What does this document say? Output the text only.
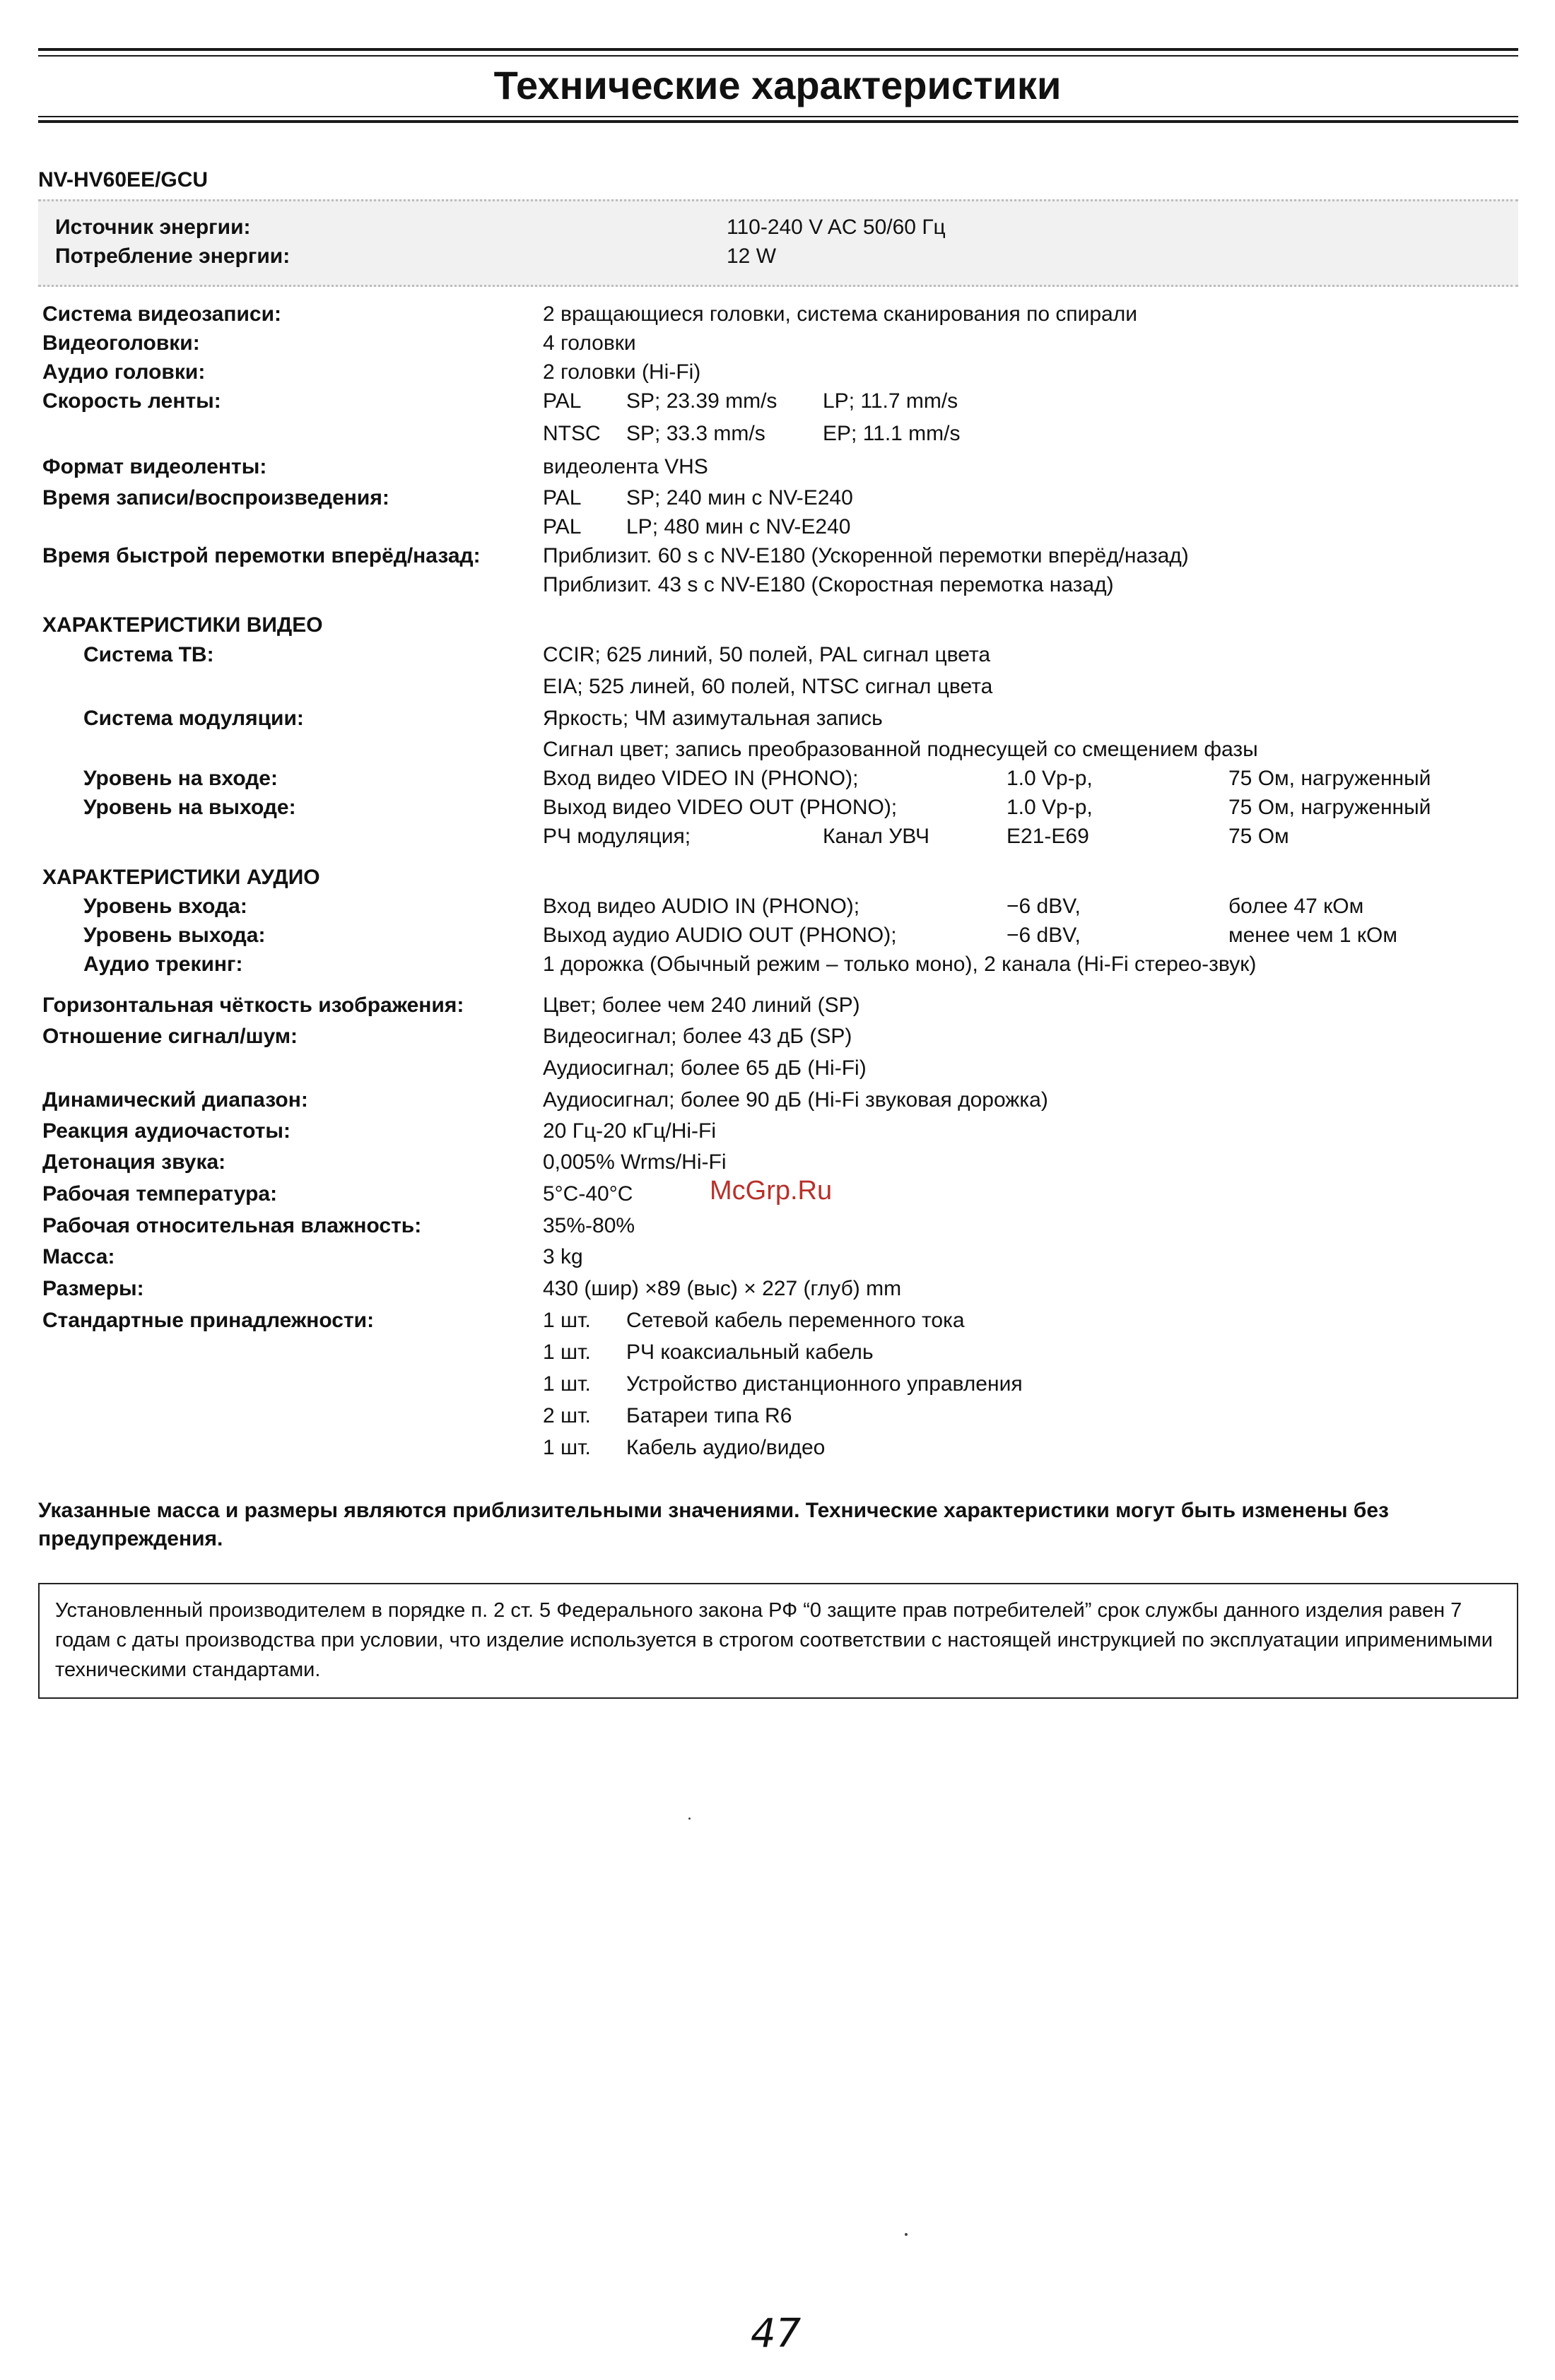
Технические характеристики
NV-HV60EE/GCU
Источник энергии:	110-240 V AC 50/60 Гц
Потребление энергии:	12 W
Система видеозаписи:	2 вращающиеся головки, система сканирования по спирали
Видеоголовки:	4 головки
Аудио головки:	2 головки (Hi-Fi)
Скорость ленты:	PAL SP; 23.39 mm/s LP; 11.7 mm/s
NTSC SP; 33.3 mm/s	EP; 11.1 mm/s
Формат видеоленты:	видеолента VHS
Время записи/воспроизведения:	PAL SP; 240 мин с NV-E240
PAL LP; 480 мин с NV-E240
Время быстрой перемотки вперёд/назад:	Приблизит. 60 s с NV-E180 (Ускоренной перемотки вперёд/назад)
Приблизит. 43 s с NV-E180 (Скоростная перемотка назад)
ХАРАКТЕРИСТИКИ ВИДЕО
Система ТВ:	CCIR; 625 линий, 50 полей, PAL сигнал цвета
EIA; 525 линей, 60 полей, NTSC сигнал цвета
Система модуляции:	Яркость; ЧМ азимутальная запись
Сигнал цвет; запись преобразованной поднесущей со смещением фазы
Уровень на входе:	Вход видео VIDEO IN (PHONO);	1.0 Vp-p,	75 Ом, нагруженный
Уровень на выходе:	Выход видео VIDEO OUT (PHONO);	1.0 Vp-p,	75 Ом, нагруженный
РЧ модуляция;	Канал УВЧ	E21-E69	75 Ом
ХАРАКТЕРИСТИКИ АУДИО
Уровень входа:	Вход видео AUDIO IN (PHONO);	−6 dBV,	более 47 кОм
Уровень выхода:	Выход аудио AUDIO OUT (PHONO);	−6 dBV,	менее чем 1 кОм
Аудио трекинг:	1 дорожка (Обычный режим – только моно), 2 канала (Hi-Fi стерео-звук)
Горизонтальная чёткость изображения:	Цвет; более чем 240 линий (SP)
Отношение сигнал/шум:	Видеосигнал; более 43 дБ (SP)
Аудиосигнал; более 65 дБ (Hi-Fi)
Динамический диапазон:	Аудиосигнал; более 90 дБ (Hi-Fi звуковая дорожка)
Реакция аудиочастоты:	20 Гц-20 кГц/Hi-Fi
Детонация звука:	0,005% Wrms/Hi-Fi
Рабочая температура:	5°C-40°C
Рабочая относительная влажность:	35%-80%
Масса:	3 kg
Размеры:	430 (шир) ×89 (выс) × 227 (глуб) mm
Стандартные принадлежности:	1 шт. Сетевой кабель переменного тока
1 шт. РЧ коаксиальный кабель
1 шт. Устройство дистанционного управления
2 шт. Батареи типа R6
1 шт. Кабель аудио/видео
McGrp.Ru
Указанные масса и размеры являются приблизительными значениями. Технические характеристики могут быть изменены без предупреждения.
Установленный производителем в порядке п. 2 ст. 5 Федерального закона РФ “0 защите прав потребителей” срок службы данного изделия равен 7 годам с даты производства при условии, что изделие используется в строгом соответствии с настоящей инструкцией по эксплуатации иприменимыми техническими стандартами.
47
